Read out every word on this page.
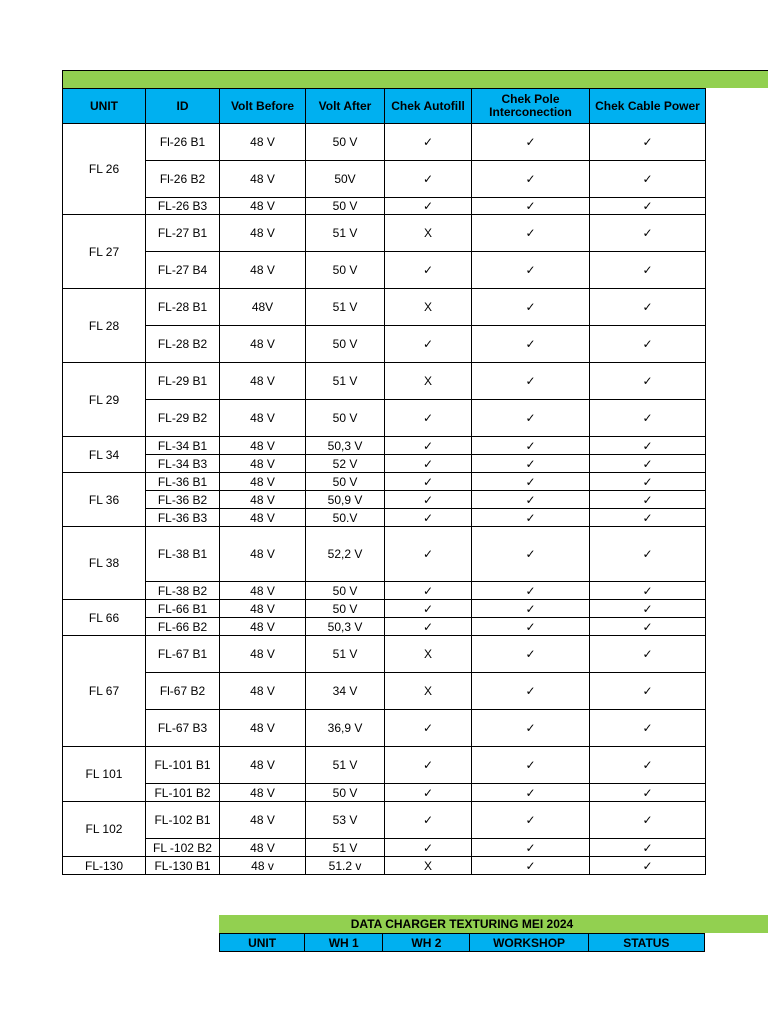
UNIT	ID	Volt Before	Volt After	Chek Autofill	Chek Pole Interconection	Chek Cable Power
FL 26	Fl-26 B1	48 V	50 V	✓	✓	✓
	Fl-26 B2	48 V	50V	✓	✓	✓
	FL-26 B3	48 V	50 V	✓	✓	✓
FL 27	FL-27 B1	48 V	51 V	X	✓	✓
	FL-27 B4	48 V	50 V	✓	✓	✓
FL 28	FL-28 B1	48V	51 V	X	✓	✓
	FL-28 B2	48 V	50 V	✓	✓	✓
FL 29	FL-29 B1	48 V	51 V	X	✓	✓
	FL-29 B2	48 V	50 V	✓	✓	✓
FL 34	FL-34 B1	48 V	50,3 V	✓	✓	✓
	FL-34 B3	48 V	52 V	✓	✓	✓
FL 36	FL-36 B1	48 V	50 V	✓	✓	✓
	FL-36 B2	48 V	50,9 V	✓	✓	✓
	FL-36 B3	48 V	50.V	✓	✓	✓
FL 38	FL-38 B1	48 V	52,2 V	✓	✓	✓
	FL-38 B2	48 V	50 V	✓	✓	✓
FL 66	FL-66 B1	48 V	50 V	✓	✓	✓
	FL-66 B2	48 V	50,3 V	✓	✓	✓
FL 67	FL-67 B1	48 V	51 V	X	✓	✓
	Fl-67 B2	48 V	34 V	X	✓	✓
	FL-67 B3	48 V	36,9 V	✓	✓	✓
FL 101	FL-101 B1	48 V	51 V	✓	✓	✓
	FL-101 B2	48 V	50 V	✓	✓	✓
FL 102	FL-102 B1	48 V	53 V	✓	✓	✓
	FL -102 B2	48 V	51 V	✓	✓	✓
FL-130	FL-130 B1	48 v	51.2 v	X	✓	✓
DATA CHARGER TEXTURING MEI 2024
UNIT	WH 1	WH 2	WORKSHOP	STATUS
